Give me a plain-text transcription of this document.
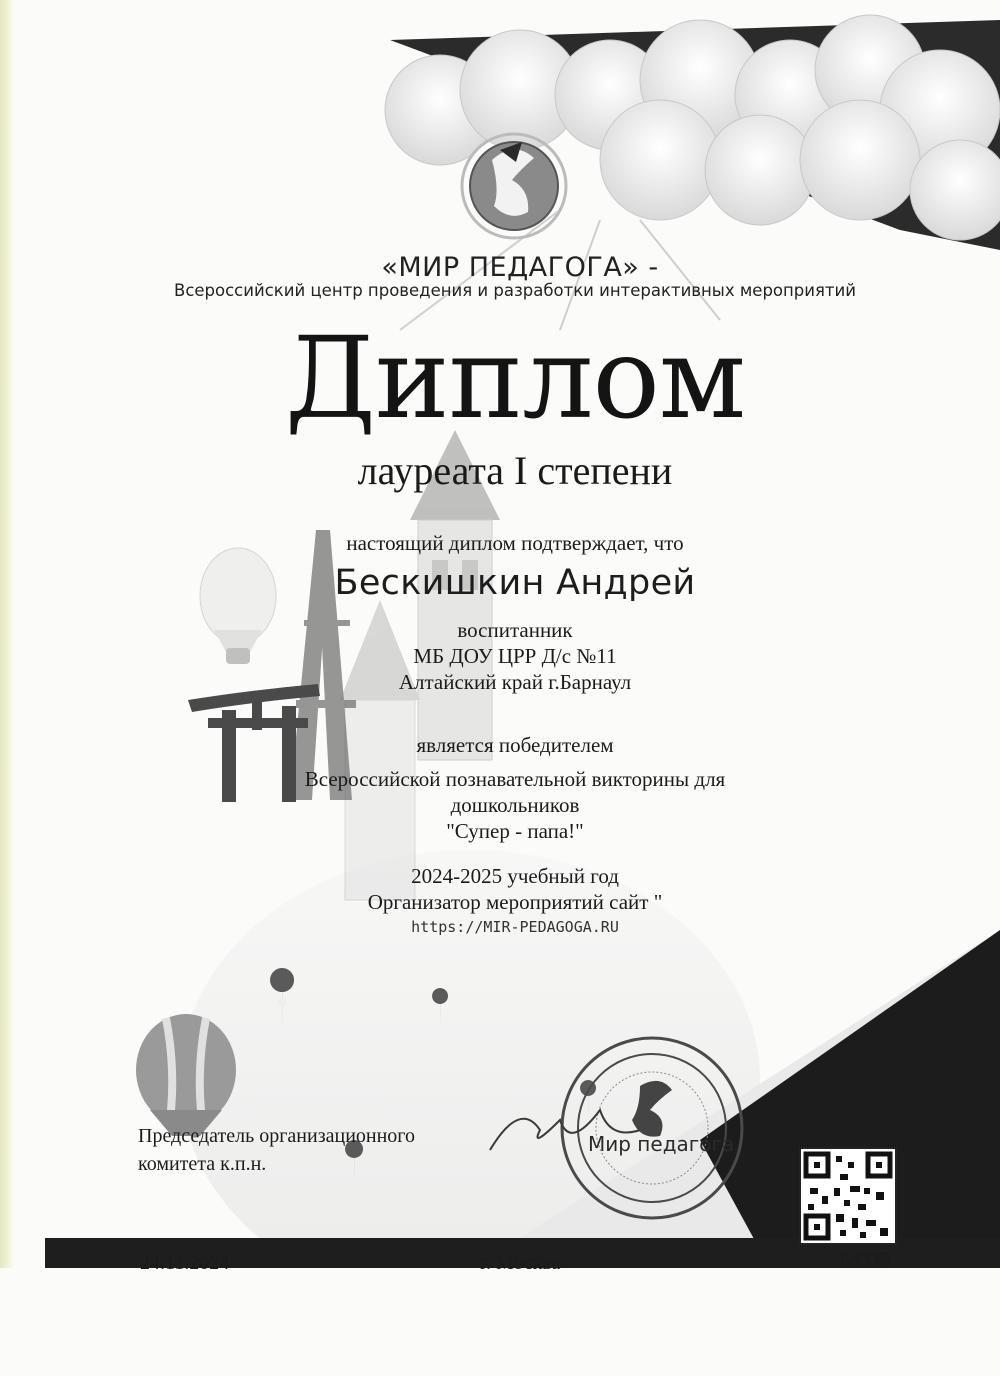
«МИР ПЕДАГОГА» -
Всероссийский центр проведения и разработки интерактивных мероприятий
Диплом
лауреата I степени
настоящий диплом подтверждает, что
Бескишкин Андрей
воспитанник
МБ ДОУ ЦРР Д/с №11
Алтайский край г.Барнаул
является победителем
Всероссийской познавательной викторины для
дошкольников
"Супер - папа!"
2024-2025 учебный год
Организатор мероприятий сайт "
https://MIR-PEDAGOGA.RU
Председатель организационного
комитета к.п.н.
Мир педагога
24.11.2024	г. Москва	63335
